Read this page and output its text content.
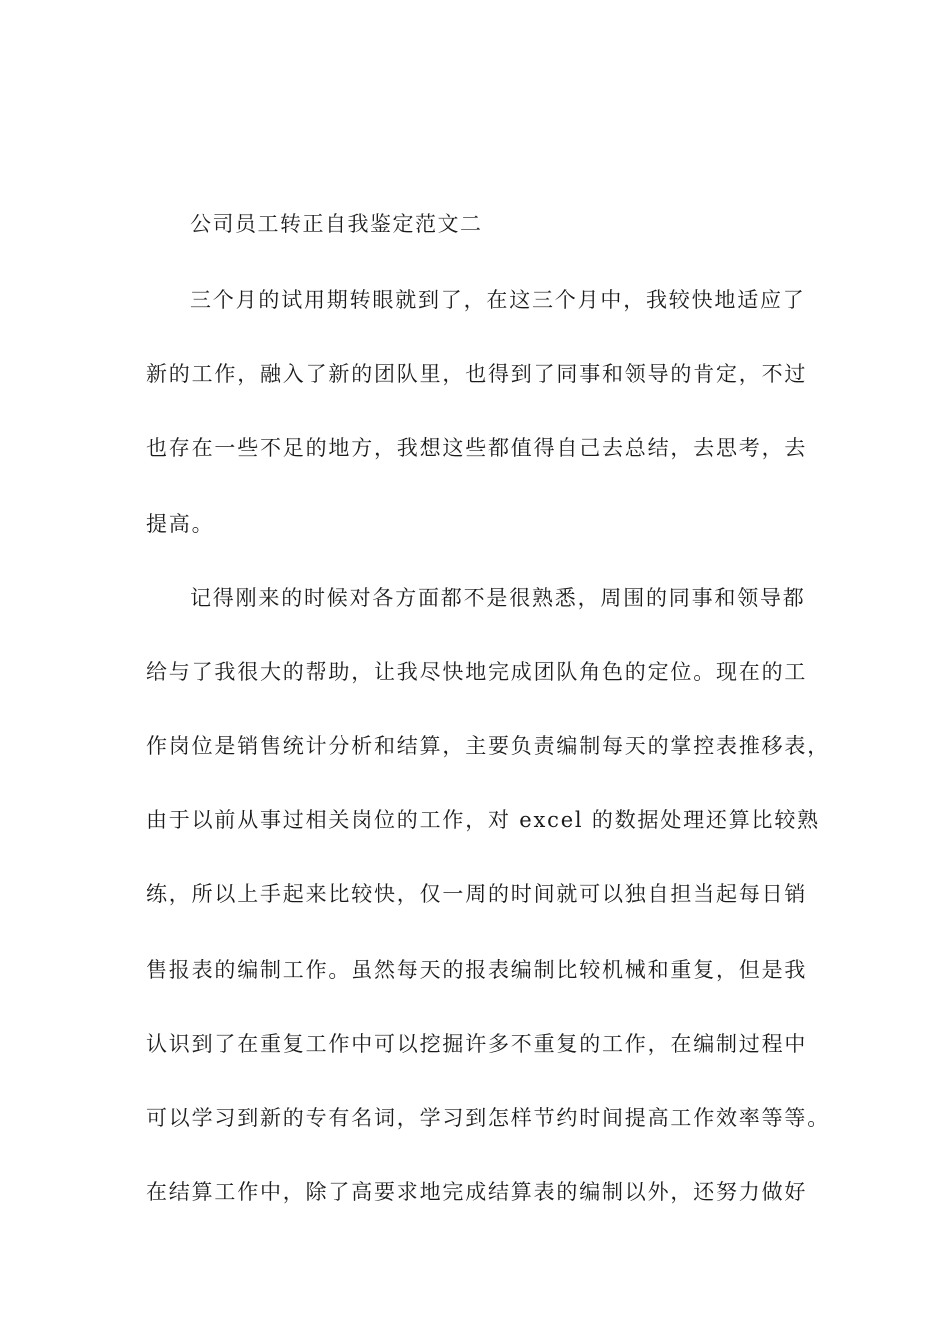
公司员工转正自我鉴定范文二
三个月的试用期转眼就到了，在这三个月中，我较快地适应了
新的工作，融入了新的团队里，也得到了同事和领导的肯定，不过
也存在一些不足的地方，我想这些都值得自己去总结，去思考，去
提高。
记得刚来的时候对各方面都不是很熟悉，周围的同事和领导都
给与了我很大的帮助，让我尽快地完成团队角色的定位。现在的工
作岗位是销售统计分析和结算，主要负责编制每天的掌控表推移表，
由于以前从事过相关岗位的工作，对 excel 的数据处理还算比较熟
练，所以上手起来比较快，仅一周的时间就可以独自担当起每日销
售报表的编制工作。虽然每天的报表编制比较机械和重复，但是我
认识到了在重复工作中可以挖掘许多不重复的工作，在编制过程中
可以学习到新的专有名词，学习到怎样节约时间提高工作效率等等。
在结算工作中，除了高要求地完成结算表的编制以外，还努力做好
